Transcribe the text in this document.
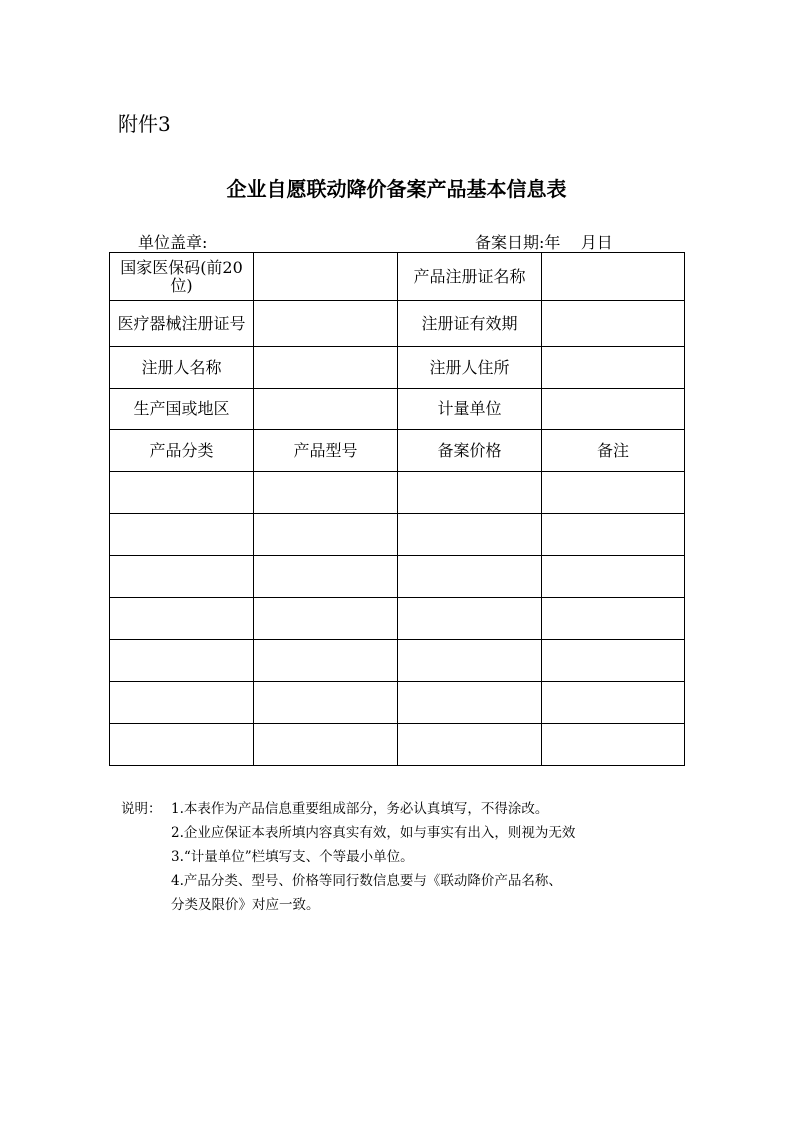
附件3
企业自愿联动降价备案产品基本信息表
单位盖章:	备案日期:年    月日
国家医保码(前20位)		产品注册证名称	
医疗器械注册证号		注册证有效期	
注册人名称		注册人住所	
生产国或地区		计量单位	
产品分类	产品型号	备案价格	备注

说明： 1.本表作为产品信息重要组成部分，务必认真填写，不得涂改。
2.企业应保证本表所填内容真实有效，如与事实有出入，则视为无效
3.“计量单位”栏填写支、个等最小单位。
4.产品分类、型号、价格等同行数信息要与《联动降价产品名称、
分类及限价》对应一致。
